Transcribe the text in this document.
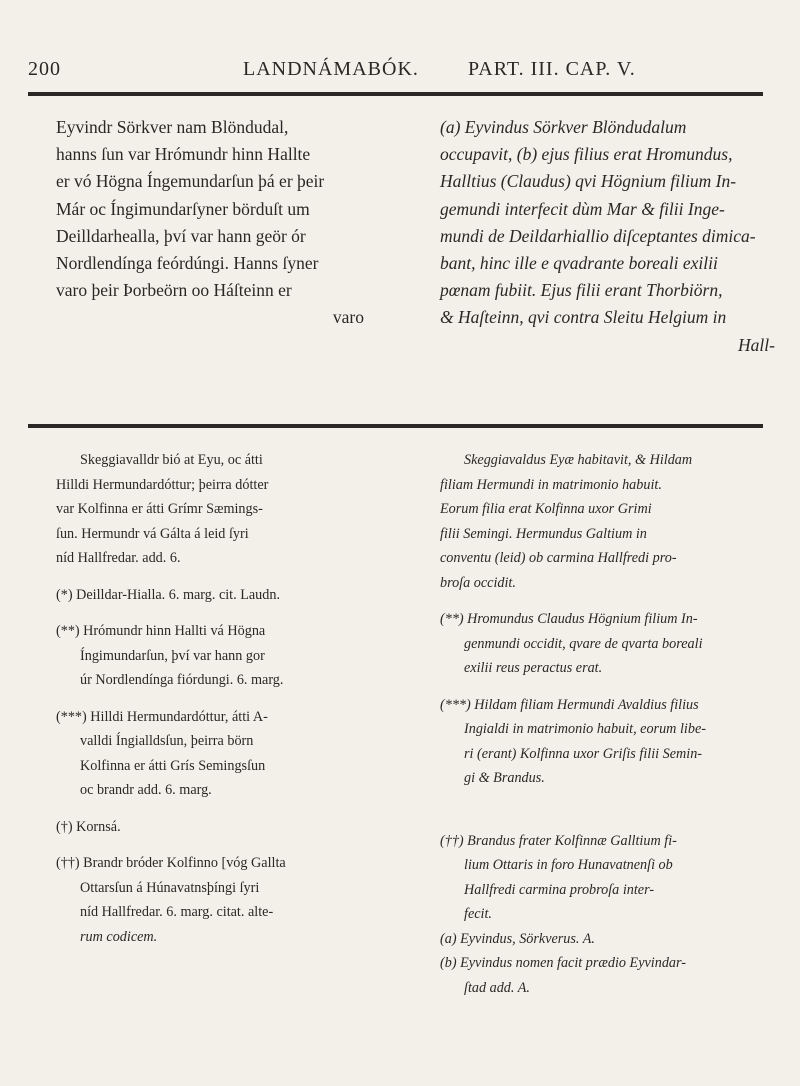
200	LANDNÁMABÓK. PART. III. CAP. V.

Eyvindr Sörkver nam Blöndudal,

hanns ſun var Hrómundr hinn Hallte

er vó Högna Íngemundarſun þá er þeir

Már oc Íngimundarſyner börduſt um

Deilldarhealla, því var hann geör ór

Nordlendínga feórdúngi. Hanns ſyner

varo þeir Þorbeörn oo Háſteinn er

varo

(a) Eyvindus Sörkver Blöndudalum

occupavit, (b) ejus filius erat Hromundus,

Halltius (Claudus) qvi Högnium filium In-

gemundi interfecit dùm Mar & filii Inge-

mundi de Deildarhiallio diſceptantes dimica-

bant, hinc ille e qvadrante boreali exilii

pœnam fubiit. Ejus filii erant Thorbiörn,

& Haſteinn, qvi contra Sleitu Helgium in

Hall-

Skeggiavalldr bió at Eyu, oc átti

Hilldi Hermundardóttur; þeirra dótter

var Kolfinna er átti Grímr Sæmings-

ſun. Hermundr vá Gálta á leid ſyri

níd Hallfredar. add. 6.

(*) Deilldar-Hialla. 6. marg. cit. Laudn.

(**) Hrómundr hinn Hallti vá Högna

Íngimundarſun, því var hann gor

úr Nordlendínga fiórdungi. 6. marg.

(***) Hilldi Hermundardóttur, átti A-

valldi Íngialldsſun, þeirra börn

Kolfinna er átti Grís Semingsſun

oc brandr add. 6. marg.

(†) Kornsá.

(††) Brandr bróder Kolfinno [vóg Gallta

Ottarsſun á Húnavatnsþíngi ſyri

níd Hallfredar. 6. marg. citat. alte-

rum codicem.

Skeggiavaldus Eyæ habitavit, & Hildam

filiam Hermundi in matrimonio habuit.

Eorum filia erat Kolfinna uxor Grimi

filii Semingi. Hermundus Galtium in

conventu (leid) ob carmina Hallfredi pro-

broſa occidit.

(**) Hromundus Claudus Högnium filium In-

genmundi occidit, qvare de qvarta boreali

exilii reus peractus erat.

(***) Hildam filiam Hermundi Avaldius filius

Ingialdi in matrimonio habuit, eorum libe-

ri (erant) Kolfinna uxor Griſis filii Semin-

gi & Brandus.

(††) Brandus frater Kolfinnæ Galltium fi-

lium Ottaris in foro Hunavatnenſi ob

Hallfredi carmina probroſa inter-

fecit.

(a) Eyvindus, Sörkverus. A.

(b) Eyvindus nomen facit prædio Eyvindar-

ſtad add. A.
